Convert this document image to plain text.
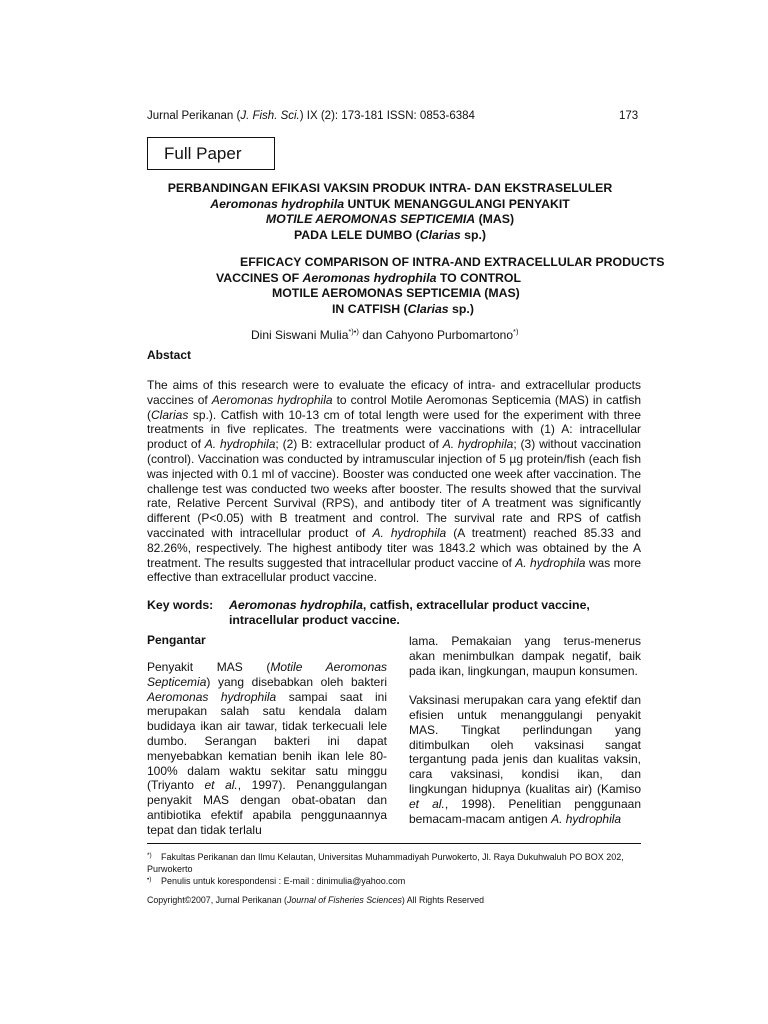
Jurnal Perikanan (J. Fish. Sci.) IX (2): 173-181 ISSN: 0853-6384	173
Full Paper
PERBANDINGAN EFIKASI VAKSIN PRODUK INTRA- DAN EKSTRASELULER
Aeromonas hydrophila UNTUK MENANGGULANGI PENYAKIT
MOTILE AEROMONAS SEPTICEMIA (MAS)
PADA LELE DUMBO (Clarias sp.)
EFFICACY COMPARISON OF INTRA-AND EXTRACELLULAR PRODUCTS
VACCINES OF Aeromonas hydrophila TO CONTROL
MOTILE AEROMONAS SEPTICEMIA (MAS)
IN CATFISH (Clarias sp.)
Dini Siswani Mulia*)•) dan Cahyono Purbomartono*)
Abstact
The aims of this research were to evaluate the eficacy of intra- and extracellular products vaccines of Aeromonas hydrophila to control Motile Aeromonas Septicemia (MAS) in catfish (Clarias sp.). Catfish with 10-13 cm of total length were used for the experiment with three treatments in five replicates. The treatments were vaccinations with (1) A: intracellular product of A. hydrophila; (2) B: extracellular product of A. hydrophila; (3) without vaccination (control). Vaccination was conducted by intramuscular injection of 5 µg protein/fish (each fish was injected with 0.1 ml of vaccine). Booster was conducted one week after vaccination. The challenge test was conducted two weeks after booster. The results showed that the survival rate, Relative Percent Survival (RPS), and antibody titer of A treatment was significantly different (P<0.05) with B treatment and control. The survival rate and RPS of catfish vaccinated with intracellular product of A. hydrophila (A treatment) reached 85.33 and 82.26%, respectively. The highest antibody titer was 1843.2 which was obtained by the A treatment. The results suggested that intracellular product vaccine of A. hydrophila was more effective than extracellular product vaccine.
Key words: Aeromonas hydrophila, catfish, extracellular product vaccine,
intracellular product vaccine.
Pengantar

Penyakit MAS (Motile Aeromonas Septicemia) yang disebabkan oleh bakteri Aeromonas hydrophila sampai saat ini merupakan salah satu kendala dalam budidaya ikan air tawar, tidak terkecuali lele dumbo. Serangan bakteri ini dapat menyebabkan kematian benih ikan lele 80-100% dalam waktu sekitar satu minggu (Triyanto et al., 1997). Penanggulangan penyakit MAS dengan obat-obatan dan antibiotika efektif apabila penggunaannya tepat dan tidak terlalu

lama. Pemakaian yang terus-menerus akan menimbulkan dampak negatif, baik pada ikan, lingkungan, maupun konsumen.

Vaksinasi merupakan cara yang efektif dan efisien untuk menanggulangi penyakit MAS. Tingkat perlindungan yang ditimbulkan oleh vaksinasi sangat tergantung pada jenis dan kualitas vaksin, cara vaksinasi, kondisi ikan, dan lingkungan hidupnya (kualitas air) (Kamiso et al., 1998). Penelitian penggunaan bemacam-macam antigen A. hydrophila

*) Fakultas Perikanan dan Ilmu Kelautan, Universitas Muhammadiyah Purwokerto, Jl. Raya Dukuhwaluh PO BOX 202, Purwokerto
•) Penulis untuk korespondensi : E-mail : dinimulia@yahoo.com
Copyright©2007, Jurnal Perikanan (Journal of Fisheries Sciences) All Rights Reserved
